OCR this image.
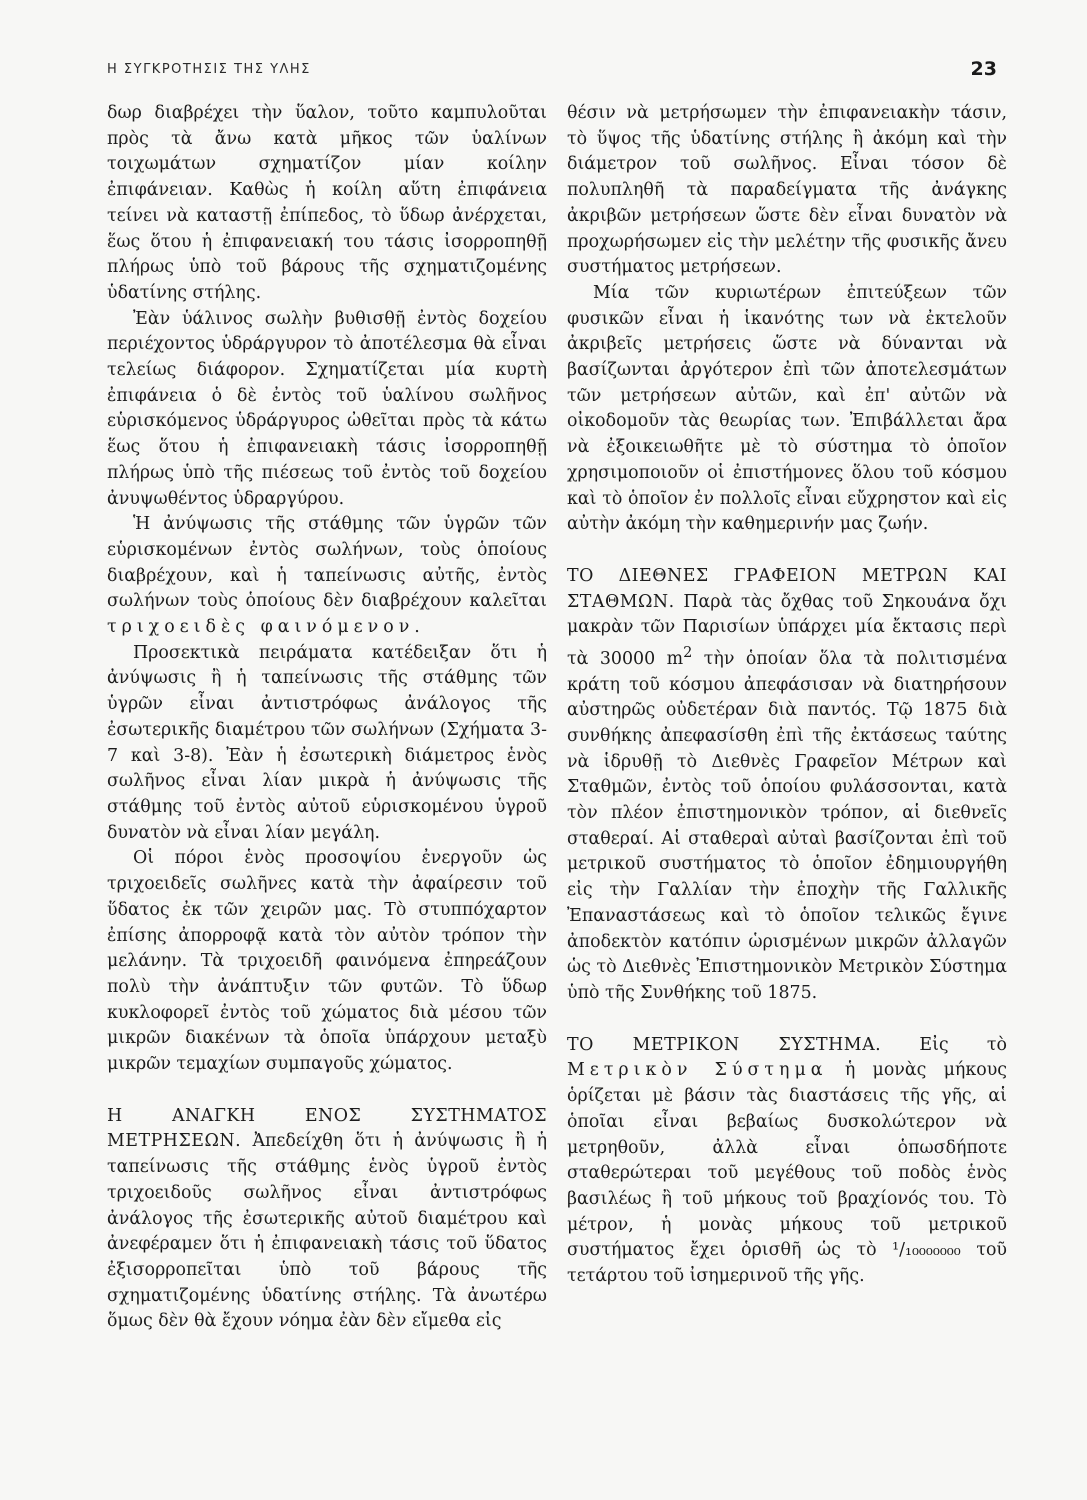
Η ΣΥΓΚΡΟΤΗΣΙΣ ΤΗΣ ΥΛΗΣ	23

δωρ διαβρέχει τὴν ὕαλον, τοῦτο καμπυλοῦται πρὸς τὰ ἄνω κατὰ μῆκος τῶν ὑαλίνων τοιχωμάτων σχηματίζον μίαν κοίλην ἐπιφάνειαν. Καθὼς ἡ κοίλη αὕτη ἐπιφάνεια τείνει νὰ καταστῇ ἐπίπεδος, τὸ ὕδωρ ἀνέρχεται, ἕως ὅτου ἡ ἐπιφανειακή του τάσις ἰσορροπηθῇ πλήρως ὑπὸ τοῦ βάρους τῆς σχηματιζομένης ὑδατίνης στήλης.

Ἐὰν ὑάλινος σωλὴν βυθισθῇ ἐντὸς δοχείου περιέχοντος ὑδράργυρον τὸ ἀποτέλεσμα θὰ εἶναι τελείως διάφορον. Σχηματίζεται μία κυρτὴ ἐπιφάνεια ὁ δὲ ἐντὸς τοῦ ὑαλίνου σωλῆνος εὑρισκόμενος ὑδράργυρος ὠθεῖται πρὸς τὰ κάτω ἕως ὅτου ἡ ἐπιφανειακὴ τάσις ἰσορροπηθῇ πλήρως ὑπὸ τῆς πιέσεως τοῦ ἐντὸς τοῦ δοχείου ἀνυψωθέντος ὑδραργύρου.

Ἡ ἀνύψωσις τῆς στάθμης τῶν ὑγρῶν τῶν εὑρισκομένων ἐντὸς σωλήνων, τοὺς ὁποίους διαβρέχουν, καὶ ἡ ταπείνωσις αὐτῆς, ἐντὸς σωλήνων τοὺς ὁποίους δὲν διαβρέχουν καλεῖται τριχοειδὲς φαινόμενον.

Προσεκτικὰ πειράματα κατέδειξαν ὅτι ἡ ἀνύψωσις ἢ ἡ ταπείνωσις τῆς στάθμης τῶν ὑγρῶν εἶναι ἀντιστρόφως ἀνάλογος τῆς ἐσωτερικῆς διαμέτρου τῶν σωλήνων (Σχήματα 3-7 καὶ 3-8). Ἐὰν ἡ ἐσωτερικὴ διάμετρος ἑνὸς σωλῆνος εἶναι λίαν μικρὰ ἡ ἀνύψωσις τῆς στάθμης τοῦ ἐντὸς αὐτοῦ εὑρισκομένου ὑγροῦ δυνατὸν νὰ εἶναι λίαν μεγάλη.

Οἱ πόροι ἑνὸς προσοψίου ἐνεργοῦν ὡς τριχοειδεῖς σωλῆνες κατὰ τὴν ἀφαίρεσιν τοῦ ὕδατος ἐκ τῶν χειρῶν μας. Τὸ στυππόχαρτον ἐπίσης ἀπορροφᾷ κατὰ τὸν αὐτὸν τρόπον τὴν μελάνην. Τὰ τριχοειδῆ φαινόμενα ἐπηρεάζουν πολὺ τὴν ἀνάπτυξιν τῶν φυτῶν. Τὸ ὕδωρ κυκλοφορεῖ ἐντὸς τοῦ χώματος διὰ μέσου τῶν μικρῶν διακένων τὰ ὁποῖα ὑπάρχουν μεταξὺ μικρῶν τεμαχίων συμπαγοῦς χώματος.

Η ΑΝΑΓΚΗ ΕΝΟΣ ΣΥΣΤΗΜΑΤΟΣ ΜΕΤΡΗΣΕΩΝ. Ἀπεδείχθη ὅτι ἡ ἀνύψωσις ἢ ἡ ταπείνωσις τῆς στάθμης ἑνὸς ὑγροῦ ἐντὸς τριχοειδοῦς σωλῆνος εἶναι ἀντιστρόφως ἀνάλογος τῆς ἐσωτερικῆς αὐτοῦ διαμέτρου καὶ ἀνεφέραμεν ὅτι ἡ ἐπιφανειακὴ τάσις τοῦ ὕδατος ἐξισορροπεῖται ὑπὸ τοῦ βάρους τῆς σχηματιζομένης ὑδατίνης στήλης. Τὰ ἀνωτέρω ὅμως δὲν θὰ ἔχουν νόημα ἐὰν δὲν εἴμεθα εἰς

θέσιν νὰ μετρήσωμεν τὴν ἐπιφανειακὴν τάσιν, τὸ ὕψος τῆς ὑδατίνης στήλης ἢ ἀκόμη καὶ τὴν διάμετρον τοῦ σωλῆνος. Εἶναι τόσον δὲ πολυπληθῆ τὰ παραδείγματα τῆς ἀνάγκης ἀκριβῶν μετρήσεων ὥστε δὲν εἶναι δυνατὸν νὰ προχωρήσωμεν εἰς τὴν μελέτην τῆς φυσικῆς ἄνευ συστήματος μετρήσεων.

Μία τῶν κυριωτέρων ἐπιτεύξεων τῶν φυσικῶν εἶναι ἡ ἱκανότης των νὰ ἐκτελοῦν ἀκριβεῖς μετρήσεις ὥστε νὰ δύνανται νὰ βασίζωνται ἀργότερον ἐπὶ τῶν ἀποτελεσμάτων τῶν μετρήσεων αὐτῶν, καὶ ἐπ' αὐτῶν νὰ οἰκοδομοῦν τὰς θεωρίας των. Ἐπιβάλλεται ἄρα νὰ ἐξοικειωθῆτε μὲ τὸ σύστημα τὸ ὁποῖον χρησιμοποιοῦν οἱ ἐπιστήμονες ὅλου τοῦ κόσμου καὶ τὸ ὁποῖον ἐν πολλοῖς εἶναι εὔχρηστον καὶ εἰς αὐτὴν ἀκόμη τὴν καθημερινήν μας ζωήν.

ΤΟ ΔΙΕΘΝΕΣ ΓΡΑΦΕΙΟΝ ΜΕΤΡΩΝ ΚΑΙ ΣΤΑΘΜΩΝ. Παρὰ τὰς ὄχθας τοῦ Σηκουάνα ὄχι μακρὰν τῶν Παρισίων ὑπάρχει μία ἔκτασις περὶ τὰ 30000 $m^2$ τὴν ὁποίαν ὅλα τὰ πολιτισμένα κράτη τοῦ κόσμου ἀπεφάσισαν νὰ διατηρήσουν αὐστηρῶς οὐδετέραν διὰ παντός. Τῷ 1875 διὰ συνθήκης ἀπεφασίσθη ἐπὶ τῆς ἐκτάσεως ταύτης νὰ ἱδρυθῇ τὸ Διεθνὲς Γραφεῖον Μέτρων καὶ Σταθμῶν, ἐντὸς τοῦ ὁποίου φυλάσσονται, κατὰ τὸν πλέον ἐπιστημονικὸν τρόπον, αἱ διεθνεῖς σταθεραί. Αἱ σταθεραὶ αὐταὶ βασίζονται ἐπὶ τοῦ μετρικοῦ συστήματος τὸ ὁποῖον ἐδημιουργήθη εἰς τὴν Γαλλίαν τὴν ἐποχὴν τῆς Γαλλικῆς Ἐπαναστάσεως καὶ τὸ ὁποῖον τελικῶς ἔγινε ἀποδεκτὸν κατόπιν ὡρισμένων μικρῶν ἀλλαγῶν ὡς τὸ Διεθνὲς Ἐπιστημονικὸν Μετρικὸν Σύστημα ὑπὸ τῆς Συνθήκης τοῦ 1875.

ΤΟ ΜΕΤΡΙΚΟΝ ΣΥΣΤΗΜΑ. Εἰς τὸ Μετρικὸν Σύστημα ἡ μονὰς μήκους ὁρίζεται μὲ βάσιν τὰς διαστάσεις τῆς γῆς, αἱ ὁποῖαι εἶναι βεβαίως δυσκολώτερον νὰ μετρηθοῦν, ἀλλὰ εἶναι ὁπωσδήποτε σταθερώτεραι τοῦ μεγέθους τοῦ ποδὸς ἑνὸς βασιλέως ἢ τοῦ μήκους τοῦ βραχίονός του. Τὸ μέτρον, ἡ μονὰς μήκους τοῦ μετρικοῦ συστήματος ἔχει ὁρισθῆ ὡς τὸ ¹/₁₀₀₀₀₀₀₀ τοῦ τετάρτου τοῦ ἰσημερινοῦ τῆς γῆς.
